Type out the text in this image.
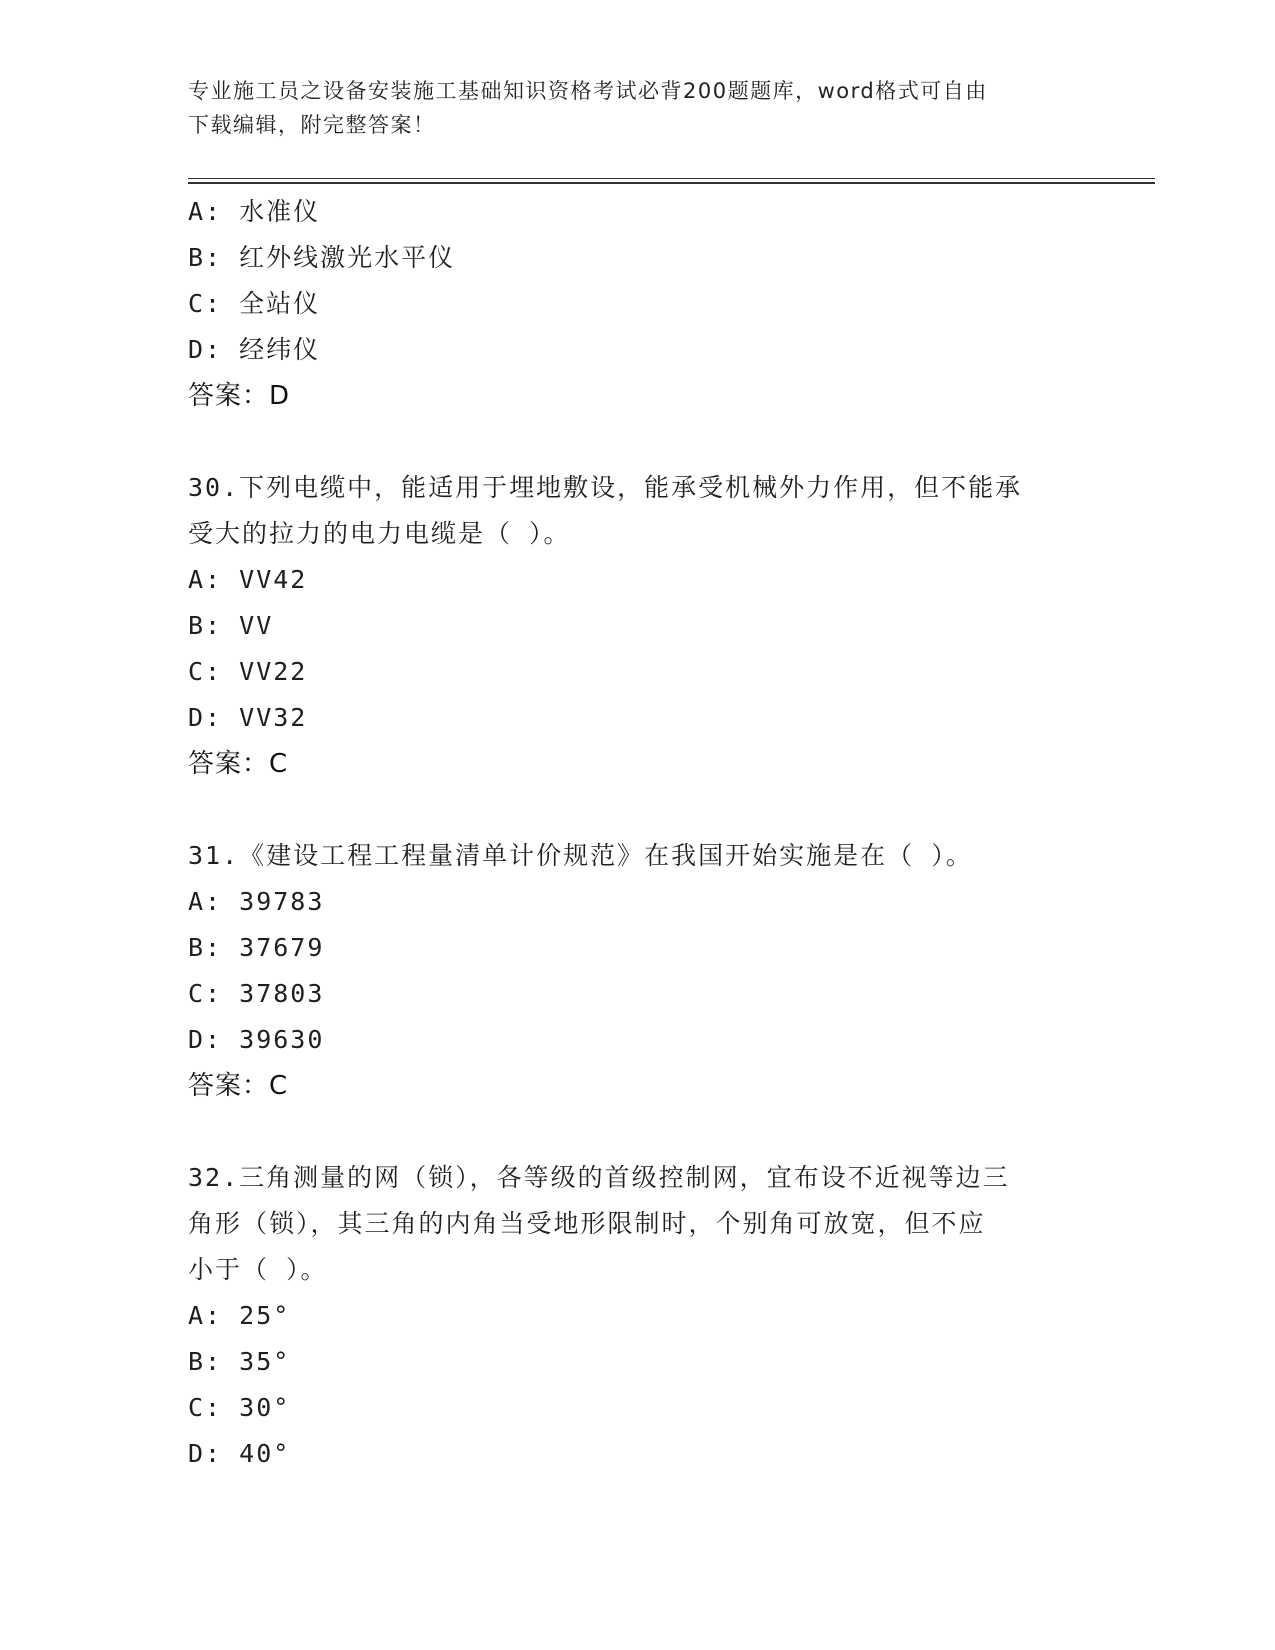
专业施工员之设备安装施工基础知识资格考试必背200题题库，word格式可自由
下载编辑，附完整答案！
A: 水准仪
B: 红外线激光水平仪
C: 全站仪
D: 经纬仪
答案：D
30.下列电缆中，能适用于埋地敷设，能承受机械外力作用，但不能承
受大的拉力的电力电缆是（ ）。
A: VV42
B: VV
C: VV22
D: VV32
答案：C
31.《建设工程工程量清单计价规范》在我国开始实施是在（ ）。
A: 39783
B: 37679
C: 37803
D: 39630
答案：C
32.三角测量的网（锁），各等级的首级控制网，宜布设不近视等边三
角形（锁），其三角的内角当受地形限制时，个别角可放宽，但不应
小于（ ）。
A: 25°
B: 35°
C: 30°
D: 40°
